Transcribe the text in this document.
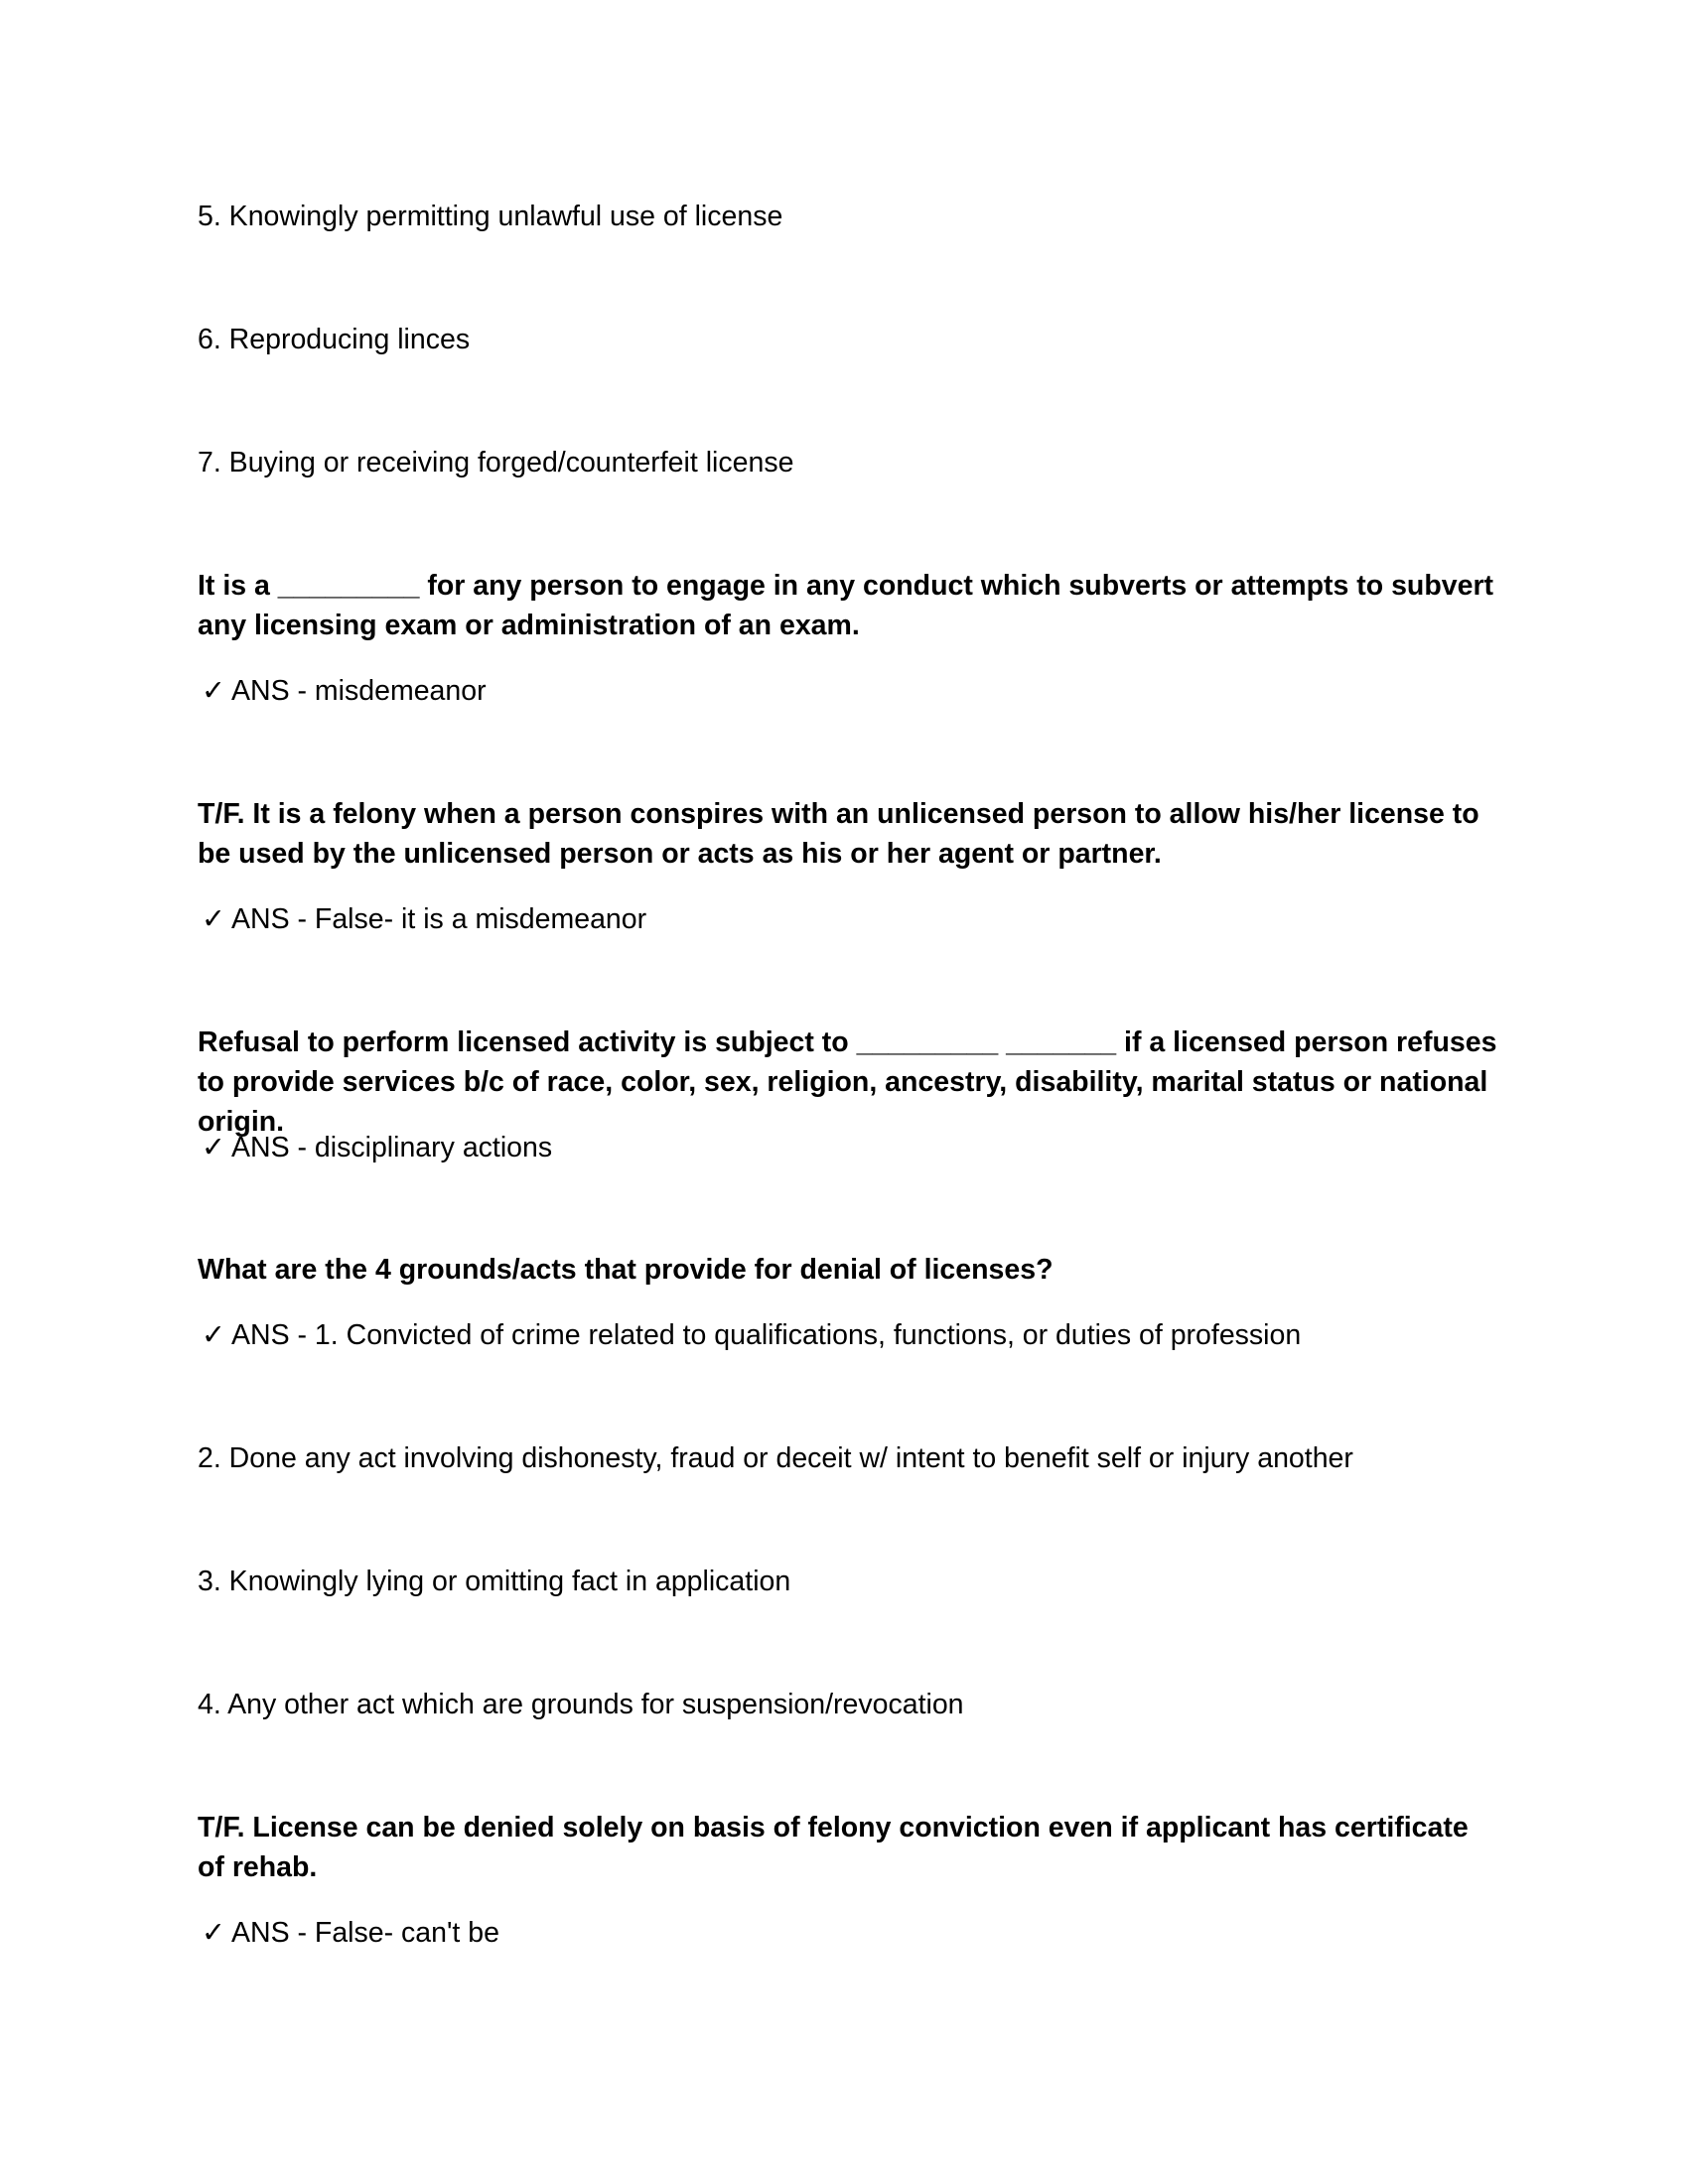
5. Knowingly permitting unlawful use of license
6. Reproducing linces
7. Buying or receiving forged/counterfeit license
It is a _________ for any person to engage in any conduct which subverts or attempts to subvert any licensing exam or administration of an exam.
✓ ANS - misdemeanor
T/F. It is a felony when a person conspires with an unlicensed person to allow his/her license to be used by the unlicensed person or acts as his or her agent or partner.
✓ ANS - False- it is a misdemeanor
Refusal to perform licensed activity is subject to _________ _______ if a licensed person refuses to provide services b/c of race, color, sex, religion, ancestry, disability, marital status or national origin.
✓ ANS - disciplinary actions
What are the 4 grounds/acts that provide for denial of licenses?
✓ ANS - 1. Convicted of crime related to qualifications, functions, or duties of profession
2. Done any act involving dishonesty, fraud or deceit w/ intent to benefit self or injury another
3. Knowingly lying or omitting fact in application
4. Any other act which are grounds for suspension/revocation
T/F. License can be denied solely on basis of felony conviction even if applicant has certificate of rehab.
✓ ANS - False- can't be
